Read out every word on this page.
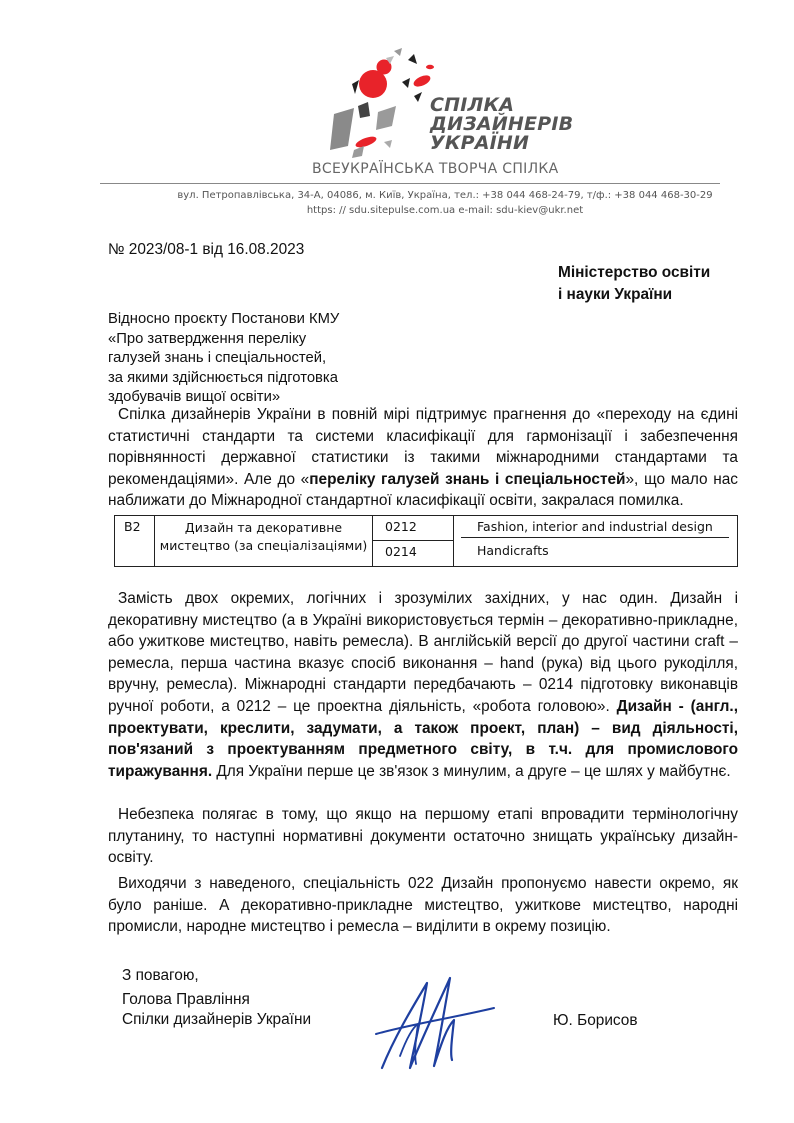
СПІЛКА
ДИЗАЙНЕРІВ
УКРАЇНИ
ВСЕУКРАЇНСЬКА ТВОРЧА СПІЛКА
вул. Петропавлівська, 34-А, 04086, м. Київ, Україна, тел.: +38 044 468-24-79, т/ф.: +38 044 468-30-29
https: // sdu.sitepulse.com.ua e-mail: sdu-kiev@ukr.net
№ 2023/08-1 від 16.08.2023
Міністерство освіти
і науки України
Відносно проєкту Постанови КМУ
«Про затвердження переліку
галузей знань і спеціальностей,
за якими здійснюється підготовка
здобувачів вищої освіти»

Спілка дизайнерів України в повній мірі підтримує прагнення до «переходу на єдині статистичні стандарти та системи класифікації для гармонізації і забезпечення порівнянності державної статистики із такими міжнародними стандартами та рекомендаціями». Але до «переліку галузей знань і спеціальностей», що мало нас наближати до Міжнародної стандартної класифікації освіти, закралася помилка.

В2	Дизайн та декоративне
мистецтво (за спеціалізаціями)
0212	Fashion, interior and industrial design
0214	Handicrafts

Замість двох окремих, логічних і зрозумілих західних, у нас один. Дизайн і декоративну мистецтво (а в Україні використовується термін – декоративно-прикладне, або ужиткове мистецтво, навіть ремесла). В англійській версії до другої частини craft – ремесла, перша частина вказує спосіб виконання – hand (рука) від цього рукоділля, вручну, ремесла). Міжнародні стандарти передбачають – 0214 підготовку виконавців ручної роботи, а 0212 – це проектна діяльність, «робота головою». Дизайн - (англ., проектувати, креслити, задумати, а також проект, план) – вид діяльності, пов'язаний з проектуванням предметного світу, в т.ч. для промислового тиражування. Для України перше це зв'язок з минулим, а друге – це шлях у майбутнє.

Небезпека полягає в тому, що якщо на першому етапі впровадити термінологічну плутанину, то наступні нормативні документи остаточно знищать українську дизайн-освіту.

Виходячи з наведеного, спеціальність 022 Дизайн пропонуємо навести окремо, як було раніше. А декоративно-прикладне мистецтво, ужиткове мистецтво, народні промисли, народне мистецтво і ремесла – виділити в окрему позицію.

З повагою,
Голова Правління
Спілки дизайнерів України	Ю. Борисов
